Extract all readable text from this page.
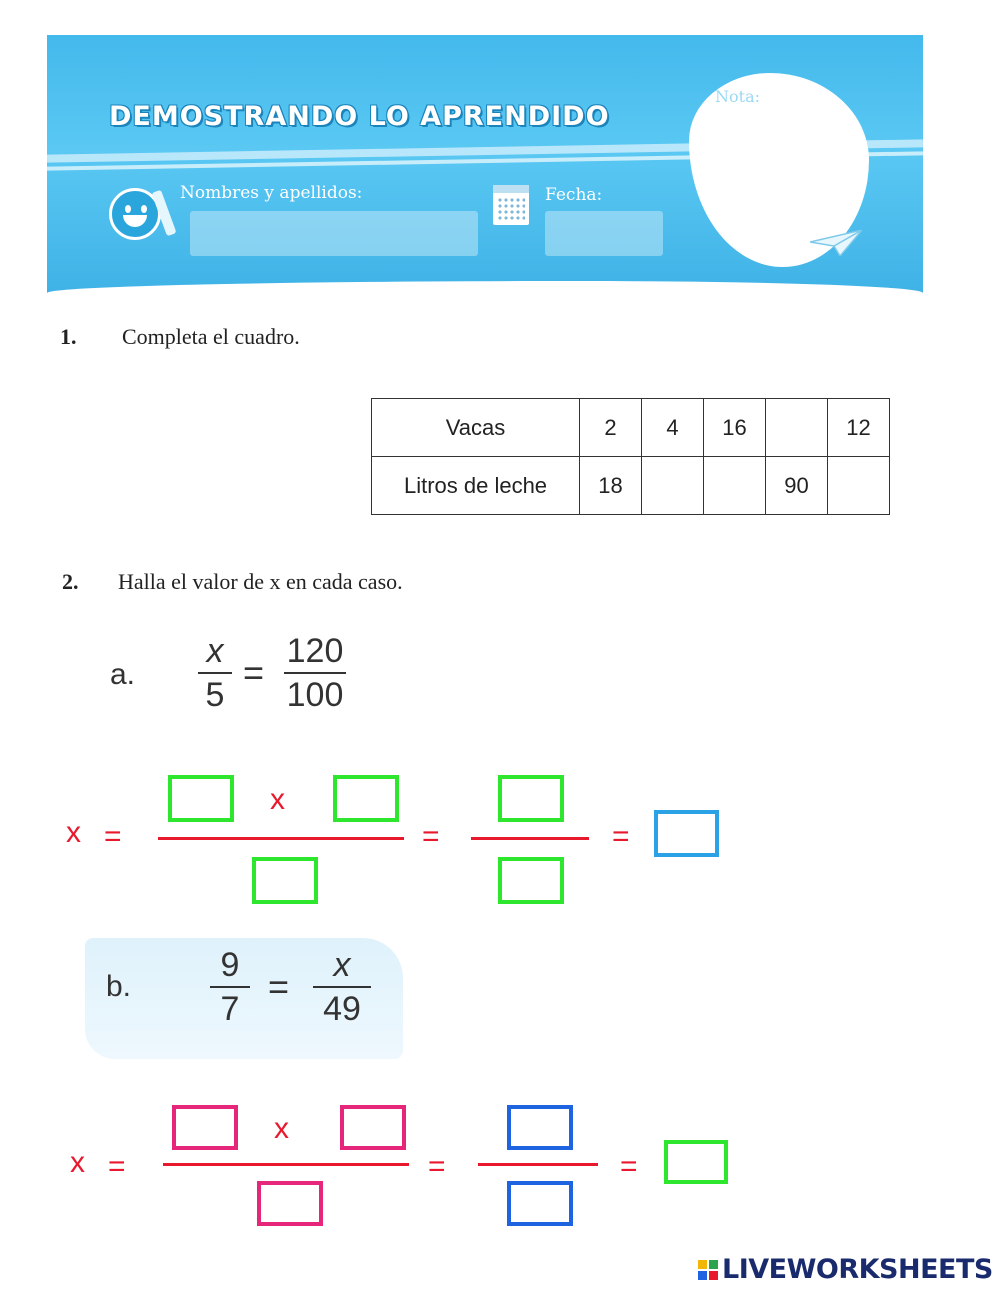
DEMOSTRANDO LO APRENDIDO
Nombres y apellidos:	Fecha:
Nota:
1. Completa el cuadro.
Vacas	2	4	16		12
Litros de leche	18			90	
2. Halla el valor de x en cada caso.
a.
x
5
=
120
100
x =
x
=	=
b.
9
7
=
x
49
x =
x
=	=
LIVEWORKSHEETS
